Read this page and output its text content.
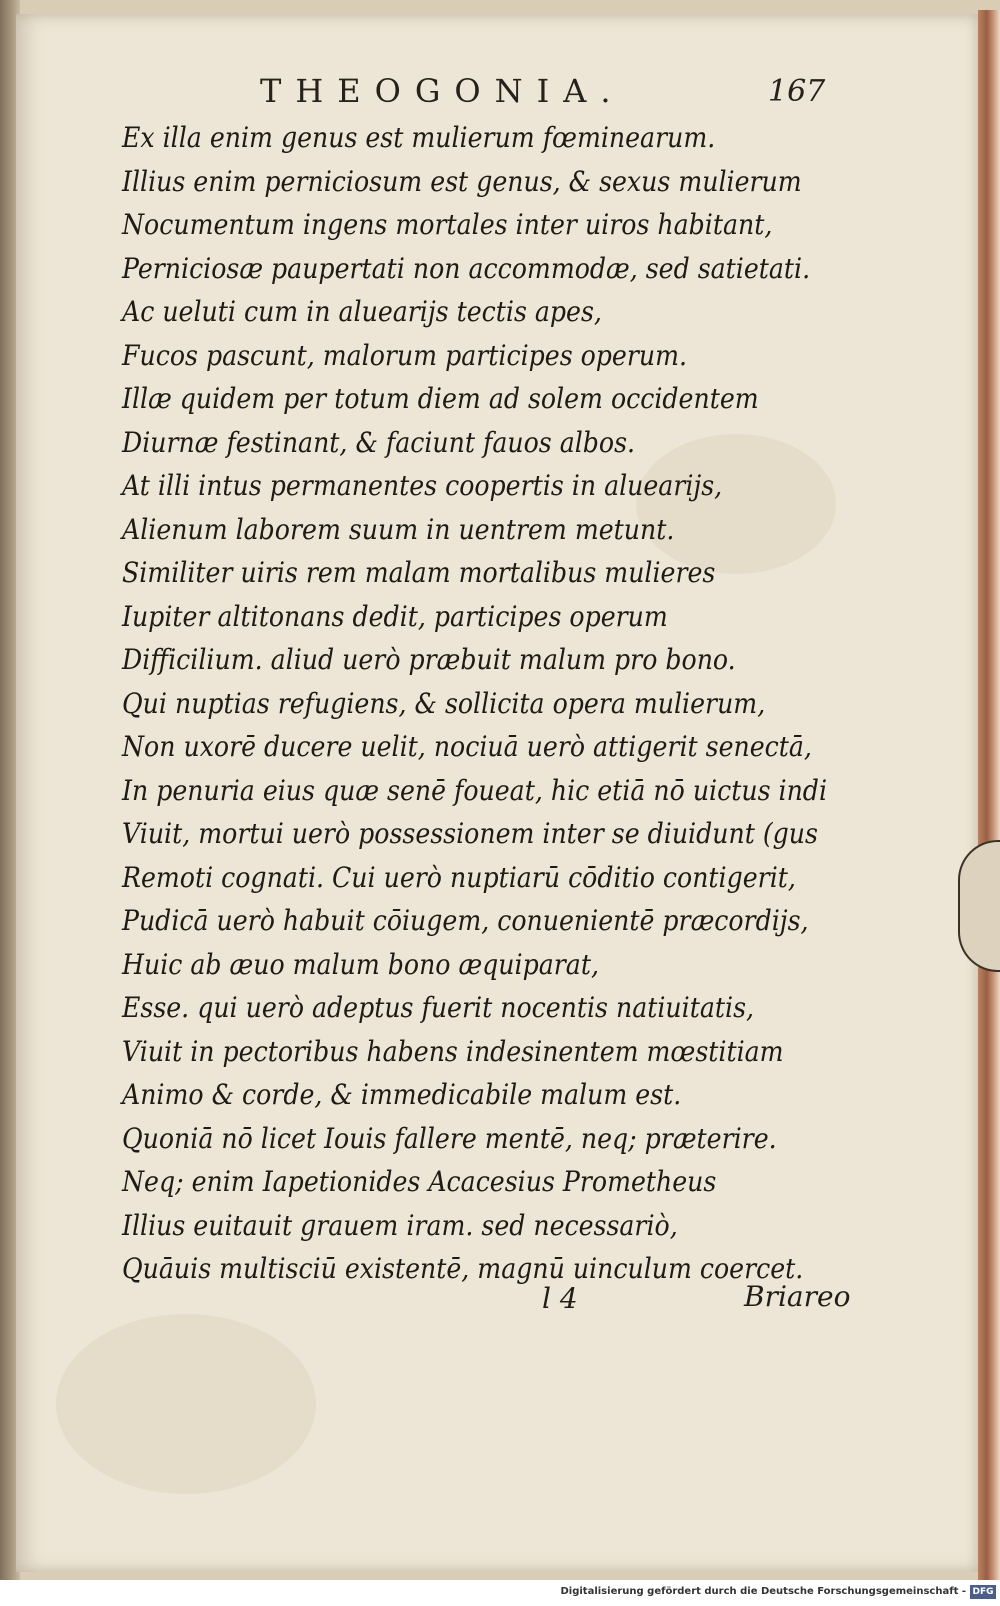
THEOGONIA.	167
Ex illa enim genus est mulierum fœminearum.
Illius enim perniciosum est genus, & sexus mulierum
Nocumentum ingens mortales inter uiros habitant,
Perniciosæ paupertati non accommodæ, sed satietati.
Ac ueluti cum in aluearijs tectis apes,
Fucos pascunt, malorum participes operum.
Illæ quidem per totum diem ad solem occidentem
Diurnæ festinant, & faciunt fauos albos.
At illi intus permanentes coopertis in aluearijs,
Alienum laborem suum in uentrem metunt.
Similiter uiris rem malam mortalibus mulieres
Iupiter altitonans dedit, participes operum
Difficilium. aliud uerò præbuit malum pro bono.
Qui nuptias refugiens, & sollicita opera mulierum,
Non uxorē ducere uelit, nociuā uerò attigerit senectā,
In penuria eius quæ senē foueat, hic etiā nō uictus indi
Viuit, mortui uerò possessionem inter se diuidunt (gus
Remoti cognati. Cui uerò nuptiarū cōditio contigerit,
Pudicā uerò habuit cōiugem, conuenientē præcordijs,
Huic ab æuo malum bono æquiparat,
Esse. qui uerò adeptus fuerit nocentis natiuitatis,
Viuit in pectoribus habens indesinentem mœstitiam
Animo & corde, & immedicabile malum est.
Quoniā nō licet Iouis fallere mentē, neq; præterire.
Neq; enim Iapetionides Acacesius Prometheus
Illius euitauit grauem iram. sed necessariò,
Quāuis multisciū existentē, magnū uinculum coercet.
l 4	Briareo
Digitalisierung gefördert durch die Deutsche Forschungsgemeinschaft - DFG
